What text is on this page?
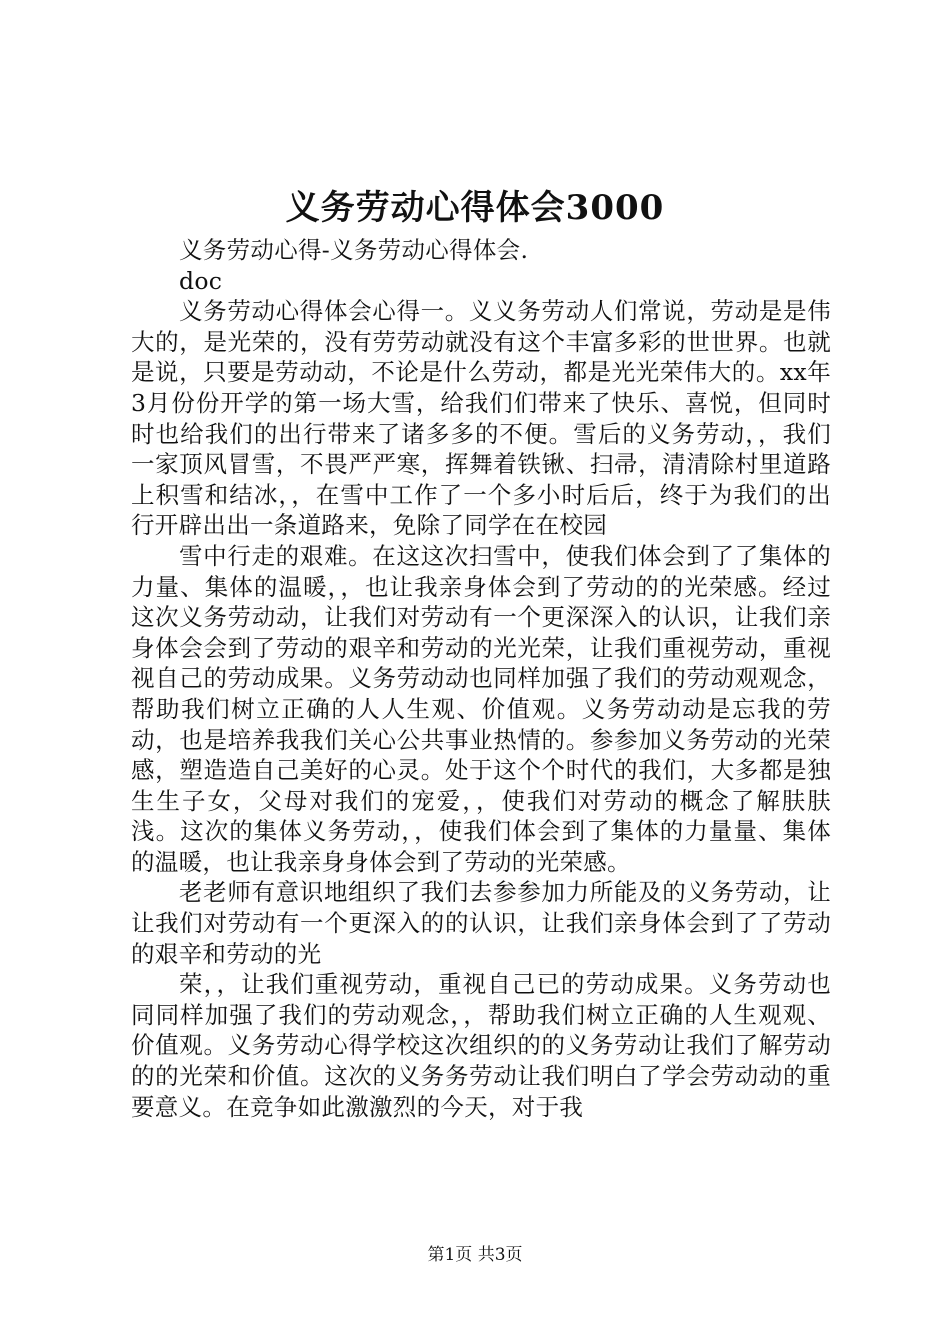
义务劳动心得体会3000

义务劳动心得-义务劳动心得体会.doc

义务劳动心得体会心得一。义义务劳动人们常说，劳动是是伟大的，是光荣的，没有劳劳动就没有这个丰富多彩的世世界。也就是说，只要是劳动动，不论是什么劳动，都是光光荣伟大的。xx年3月份份开学的第一场大雪，给我们们带来了快乐、喜悦，但同时时也给我们的出行带来了诸多多的不便。雪后的义务劳动，，我们一家顶风冒雪，不畏严严寒，挥舞着铁锹、扫帚，清清除村里道路上积雪和结冰，，在雪中工作了一个多小时后后，终于为我们的出行开辟出出一条道路来，免除了同学在在校园

雪中行走的艰难。在这这次扫雪中，使我们体会到了了集体的力量、集体的温暖，，也让我亲身体会到了劳动的的光荣感。经过这次义务劳动动，让我们对劳动有一个更深深入的认识，让我们亲身体会会到了劳动的艰辛和劳动的光光荣，让我们重视劳动，重视视自己的劳动成果。义务劳动动也同样加强了我们的劳动观观念，帮助我们树立正确的人人生观、价值观。义务劳动动是忘我的劳动，也是培养我我们关心公共事业热情的。参参加义务劳动的光荣感，塑造造自己美好的心灵。处于这个个时代的我们，大多都是独生生子女，父母对我们的宠爱，，使我们对劳动的概念了解肤肤浅。这次的集体义务劳动，，使我们体会到了集体的力量量、集体的温暖，也让我亲身身体会到了劳动的光荣感。

老老师有意识地组织了我们去参参加力所能及的义务劳动，让让我们对劳动有一个更深入的的认识，让我们亲身体会到了了劳动的艰辛和劳动的光

荣，，让我们重视劳动，重视自己已的劳动成果。义务劳动也同同样加强了我们的劳动观念，，帮助我们树立正确的人生观观、价值观。义务劳动心得学校这次组织的的义务劳动让我们了解劳动的的光荣和价值。这次的义务务劳动让我们明白了学会劳动动的重要意义。在竞争如此激激烈的今天，对于我

第1页 共3页
